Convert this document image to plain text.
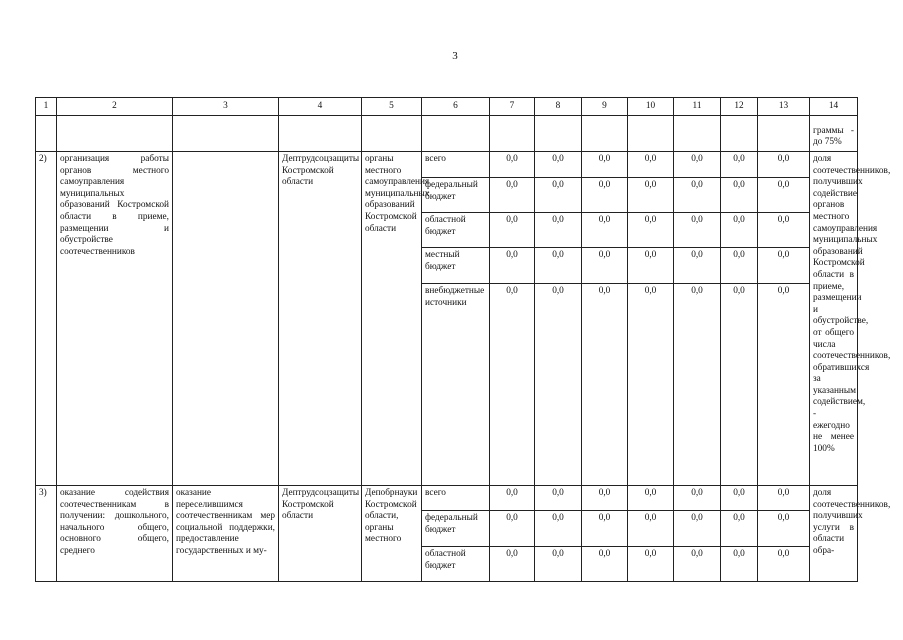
3
1	2	3	4	5	6	7	8	9	10	11	12	13	14
													граммы - до 75%
2)	организация работы органов местного самоуправления муниципальных образований Костромской области в приеме, размещении и обустройстве соотечественников		Дептрудсоцзащиты Костромской области	органы местного самоуправления муниципальных образований Костромской области	всего	0,0	0,0	0,0	0,0	0,0	0,0	0,0	доля соотечественников, получивших содействие органов местного самоуправления муниципальных образований Костромской области в приеме, размещении и обустройстве, от общего числа соотечественников, обратившихся за указанным содействием, - ежегодно не менее 100%
					федеральный бюджет	0,0	0,0	0,0	0,0	0,0	0,0	0,0	
					областной бюджет	0,0	0,0	0,0	0,0	0,0	0,0	0,0	
					местный бюджет	0,0	0,0	0,0	0,0	0,0	0,0	0,0	
					внебюджетные источники	0,0	0,0	0,0	0,0	0,0	0,0	0,0	
3)	оказание содействия соотечественникам в получении: дошкольного, начального общего, основного общего, среднего	оказание переселившимся соотечественникам мер социальной поддержки, предоставление государственных и му-	Дептрудсоцзащиты Костромской области	Депобрнауки Костромской области, органы местного	всего	0,0	0,0	0,0	0,0	0,0	0,0	0,0	доля соотечественников, получивших услуги в области обра-
					федеральный бюджет	0,0	0,0	0,0	0,0	0,0	0,0	0,0	
					областной бюджет	0,0	0,0	0,0	0,0	0,0	0,0	0,0	
